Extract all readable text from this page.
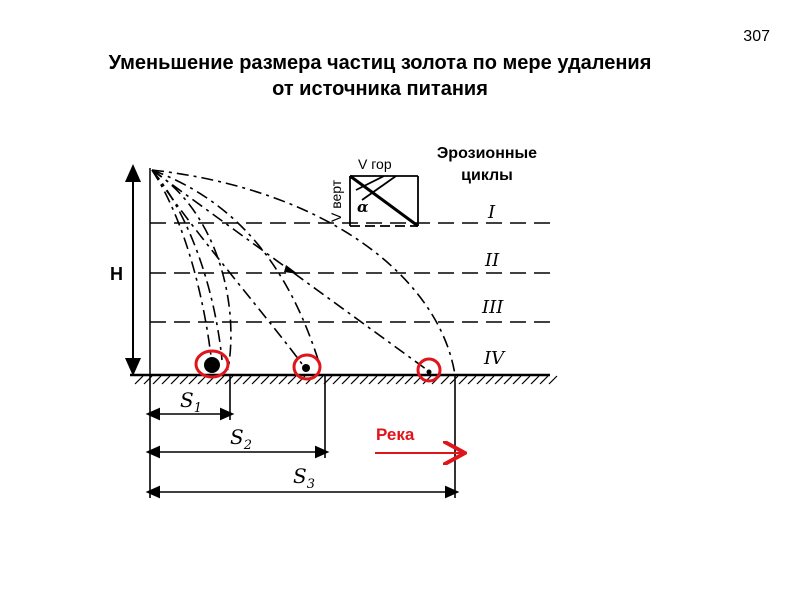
307
Уменьшение размера частиц золота по мере удаления
от источника питания
H
I
II
III
IV
V верт
V гор
α
Эрозионные
циклы
$S_1$
$S_2$
$S_3$
Река
